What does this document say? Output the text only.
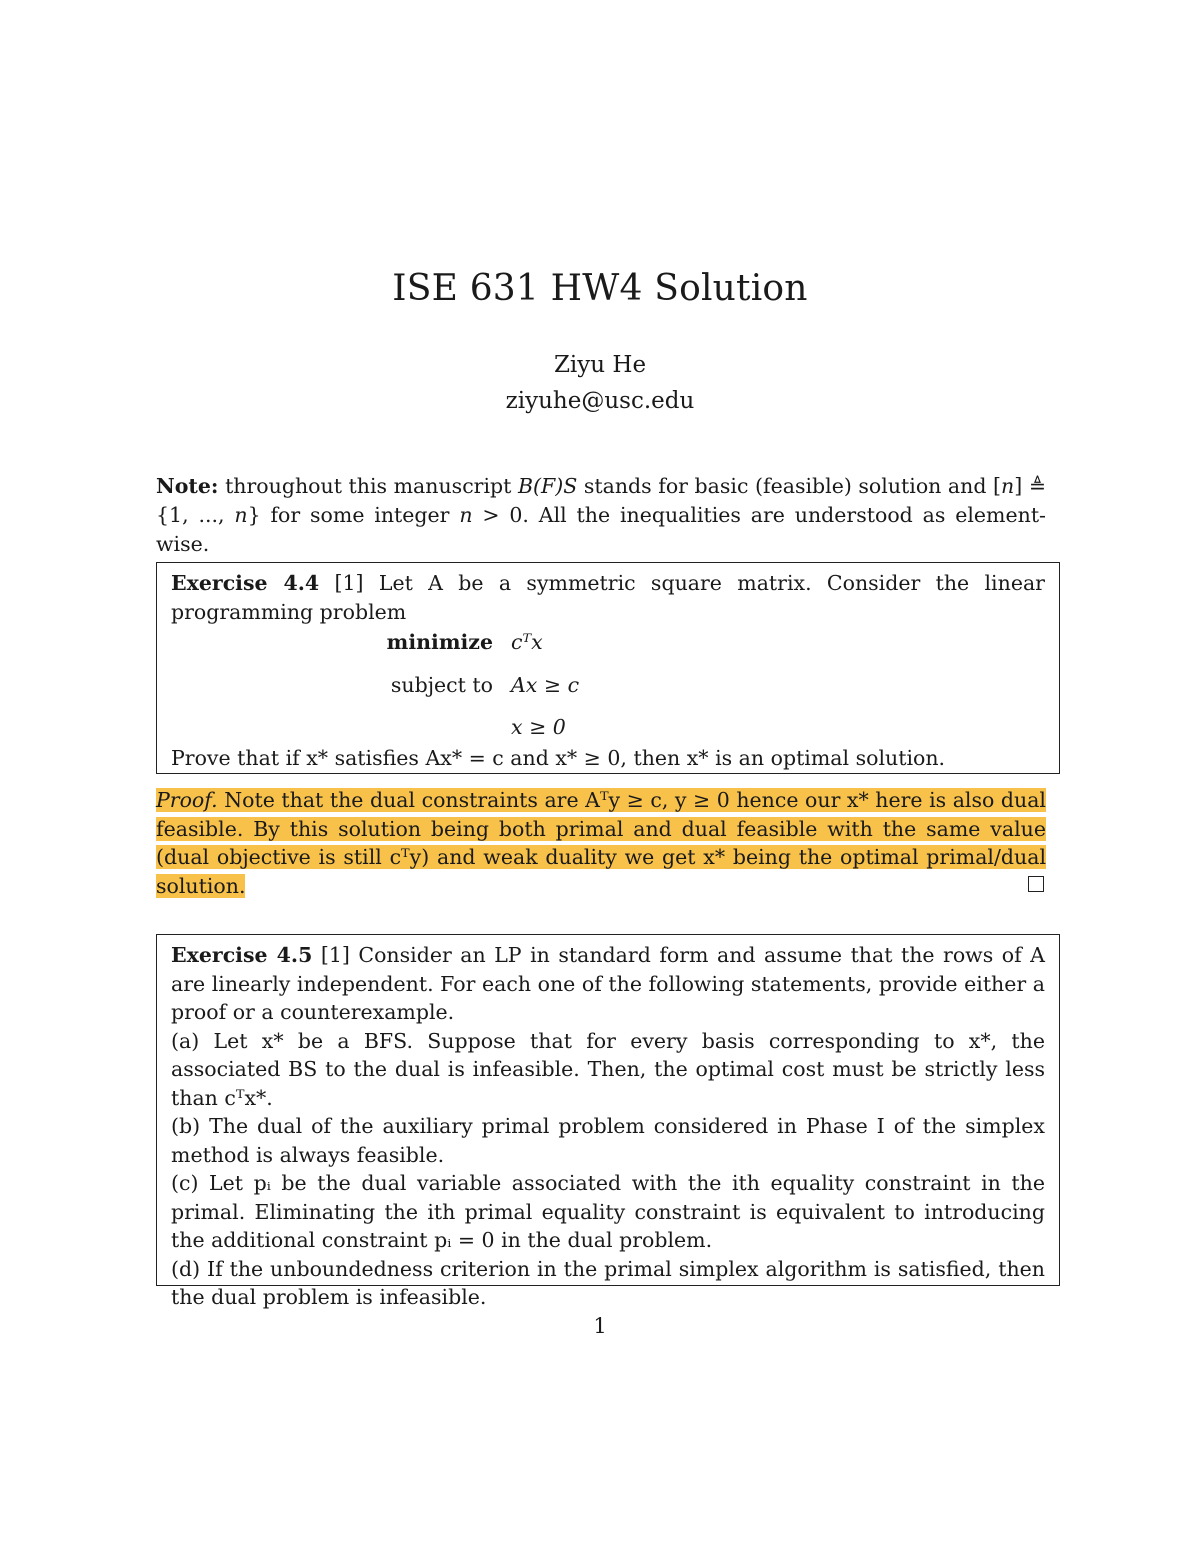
ISE 631 HW4 Solution
Ziyu He
ziyuhe@usc.edu
Note: throughout this manuscript B(F)S stands for basic (feasible) solution and [n] ≜ {1, ..., n} for some integer n > 0. All the inequalities are understood as element-wise.

Exercise 4.4 [1] Let A be a symmetric square matrix. Consider the linear programming problem

minimize cᵀx
subject to Ax ≥ c
x ≥ 0

Prove that if x* satisfies Ax* = c and x* ≥ 0, then x* is an optimal solution.

Proof. Note that the dual constraints are Aᵀy ≥ c, y ≥ 0 hence our x* here is also dual feasible. By this solution being both primal and dual feasible with the same value (dual objective is still cᵀy) and weak duality we get x* being the optimal primal/dual solution.

Exercise 4.5 [1] Consider an LP in standard form and assume that the rows of A are linearly independent. For each one of the following statements, provide either a proof or a counterexample.

(a) Let x* be a BFS. Suppose that for every basis corresponding to x*, the associated BS to the dual is infeasible. Then, the optimal cost must be strictly less than cᵀx*.

(b) The dual of the auxiliary primal problem considered in Phase I of the simplex method is always feasible.

(c) Let pᵢ be the dual variable associated with the ith equality constraint in the primal. Eliminating the ith primal equality constraint is equivalent to introducing the additional constraint pᵢ = 0 in the dual problem.

(d) If the unboundedness criterion in the primal simplex algorithm is satisfied, then the dual problem is infeasible.

1
